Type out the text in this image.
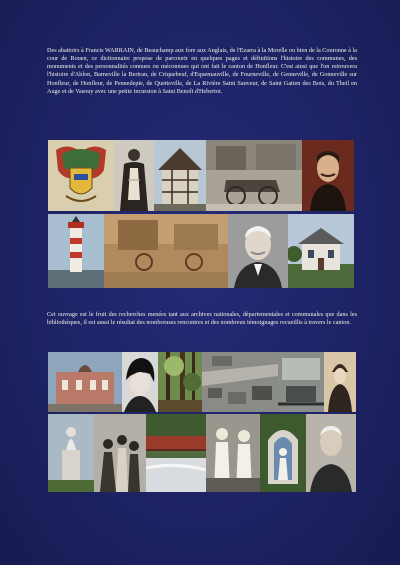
Des abattoirs à Francis WARRAIN, de Beauchamp aux fore aux Anglais, de l'Ezarra à la Morelle ou bien de la Couronne à la cour de Rouen, ce dictionnaire propose de parcourir en quelques pages et définitions l'histoire des communes, des monuments et des personnalités connues ou méconnues qui ont fait le canton de Honfleur. C'est ainsi que l'on retrouvera l'histoire d'Ablon, Barneville la Bertran, de Criquebeuf, d'Equemauville, de Fourneville, de Genneville, de Gonneville sur Honfleur, de Honfleur, de Pennedepie, de Quetteville, de La Rivière Saint Sauveur, de Saint Gatien des Bois, du Theil en Auge et de Vasouy avec une petite incursion à Saint Benoît d'Hebertot.

Cet ouvrage est le fruit des recherches menées tant aux archives nationales, départementales et communales que dans les bibliothèques, il est aussi le résultat des nombreuses rencontres et des nombreux témoignages recueillis à travers le canton.
